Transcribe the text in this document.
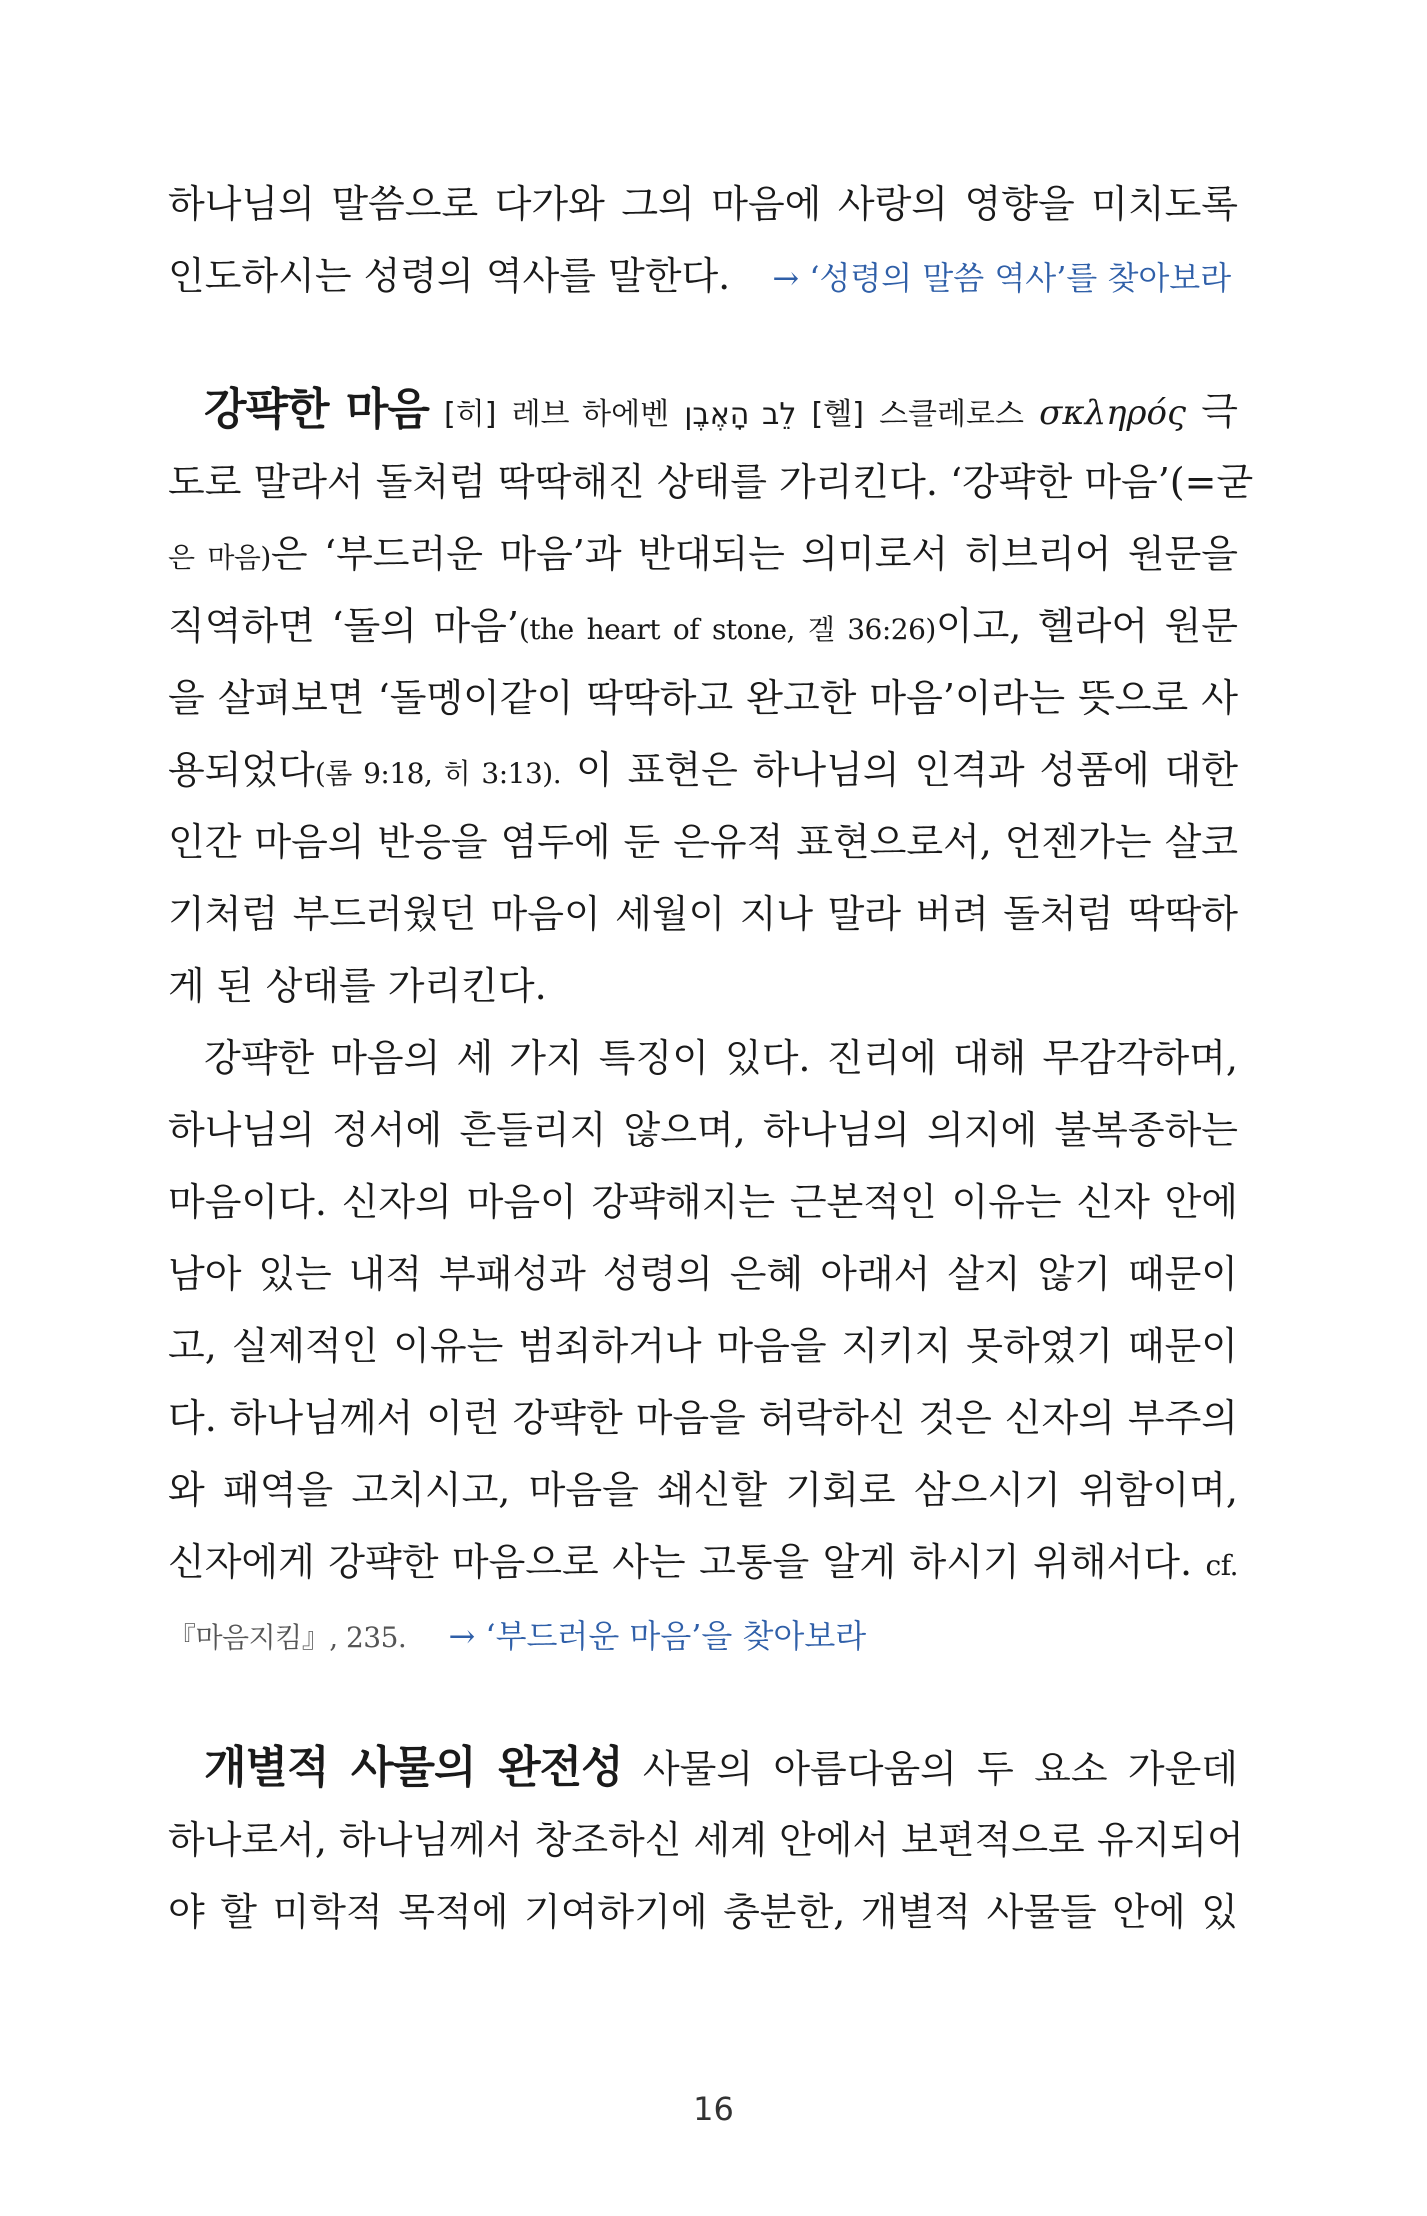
하나님의 말씀으로 다가와 그의 마음에 사랑의 영향을 미치도록
인도하시는 성령의 역사를 말한다. → ‘성령의 말씀 역사’를 찾아보라
강퍅한 마음 [히] 레브 하에벤 לֵב הָאֶבֶן [헬] 스클레로스 σκληρός 극
도로 말라서 돌처럼 딱딱해진 상태를 가리킨다. ‘강퍅한 마음’(=굳
은 마음)은 ‘부드러운 마음’과 반대되는 의미로서 히브리어 원문을
직역하면 ‘돌의 마음’(the heart of stone, 겔 36:26)이고, 헬라어 원문
을 살펴보면 ‘돌멩이같이 딱딱하고 완고한 마음’이라는 뜻으로 사
용되었다(롬 9:18, 히 3:13). 이 표현은 하나님의 인격과 성품에 대한
인간 마음의 반응을 염두에 둔 은유적 표현으로서, 언젠가는 살코
기처럼 부드러웠던 마음이 세월이 지나 말라 버려 돌처럼 딱딱하
게 된 상태를 가리킨다.
강퍅한 마음의 세 가지 특징이 있다. 진리에 대해 무감각하며,
하나님의 정서에 흔들리지 않으며, 하나님의 의지에 불복종하는
마음이다. 신자의 마음이 강퍅해지는 근본적인 이유는 신자 안에
남아 있는 내적 부패성과 성령의 은혜 아래서 살지 않기 때문이
고, 실제적인 이유는 범죄하거나 마음을 지키지 못하였기 때문이
다. 하나님께서 이런 강퍅한 마음을 허락하신 것은 신자의 부주의
와 패역을 고치시고, 마음을 쇄신할 기회로 삼으시기 위함이며,
신자에게 강퍅한 마음으로 사는 고통을 알게 하시기 위해서다. cf.
『마음지킴』, 235. → ‘부드러운 마음’을 찾아보라
개별적 사물의 완전성 사물의 아름다움의 두 요소 가운데
하나로서, 하나님께서 창조하신 세계 안에서 보편적으로 유지되어
야 할 미학적 목적에 기여하기에 충분한, 개별적 사물들 안에 있
16
